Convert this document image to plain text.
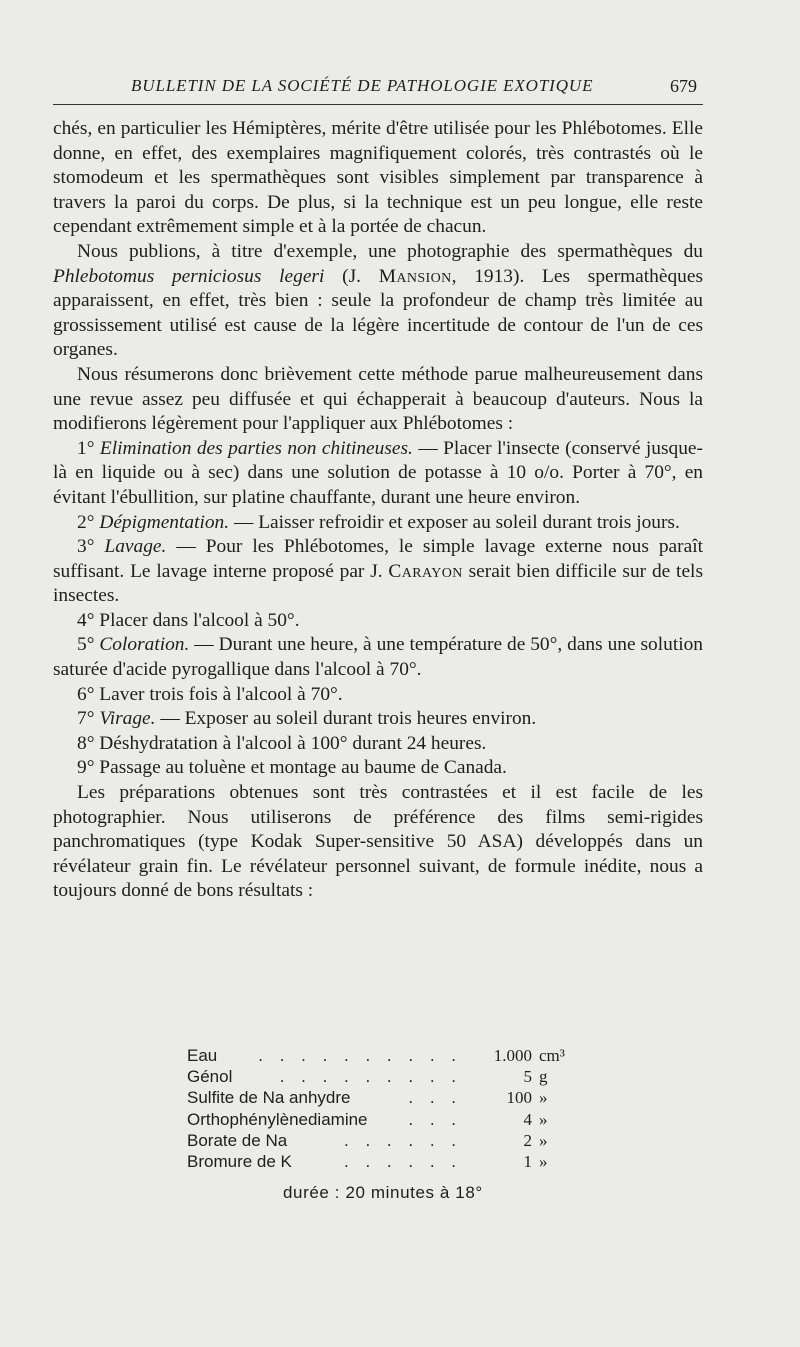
BULLETIN DE LA SOCIÉTÉ DE PATHOLOGIE EXOTIQUE	679

chés, en particulier les Hémiptères, mérite d'être utilisée pour les Phlébotomes. Elle donne, en effet, des exemplaires magnifiquement colorés, très contrastés où le stomodeum et les spermathèques sont visibles simplement par transparence à travers la paroi du corps. De plus, si la technique est un peu longue, elle reste cependant extrêmement simple et à la portée de chacun.

Nous publions, à titre d'exemple, une photographie des spermathèques du Phlebotomus perniciosus legeri (J. Mansion, 1913). Les spermathèques apparaissent, en effet, très bien : seule la profondeur de champ très limitée au grossissement utilisé est cause de la légère incertitude de contour de l'un de ces organes.

Nous résumerons donc brièvement cette méthode parue malheureusement dans une revue assez peu diffusée et qui échapperait à beaucoup d'auteurs. Nous la modifierons légèrement pour l'appliquer aux Phlébotomes :

1° Elimination des parties non chitineuses. — Placer l'insecte (conservé jusque-là en liquide ou à sec) dans une solution de potasse à 10 o/o. Porter à 70°, en évitant l'ébullition, sur platine chauffante, durant une heure environ.

2° Dépigmentation. — Laisser refroidir et exposer au soleil durant trois jours.

3° Lavage. — Pour les Phlébotomes, le simple lavage externe nous paraît suffisant. Le lavage interne proposé par J. Carayon serait bien difficile sur de tels insectes.

4° Placer dans l'alcool à 50°.

5° Coloration. — Durant une heure, à une température de 50°, dans une solution saturée d'acide pyrogallique dans l'alcool à 70°.

6° Laver trois fois à l'alcool à 70°.

7° Virage. — Exposer au soleil durant trois heures environ.

8° Déshydratation à l'alcool à 100° durant 24 heures.

9° Passage au toluène et montage au baume de Canada.

Les préparations obtenues sont très contrastées et il est facile de les photographier. Nous utiliserons de préférence des films semi-rigides panchromatiques (type Kodak Super-sensitive 50 ASA) développés dans un révélateur grain fin. Le révélateur personnel suivant, de formule inédite, nous a toujours donné de bons résultats :

Eau	. . . . . . . . . . 1.000 cm³
Génol	. . . . . . . . .	5 g
Sulfite de Na anhydre	. . .	100 »
Orthophénylènediamine	. . .	4 »
Borate de Na	. . . . . .	2 »
Bromure de K	. . . . . .	1 »
durée : 20 minutes à 18°
